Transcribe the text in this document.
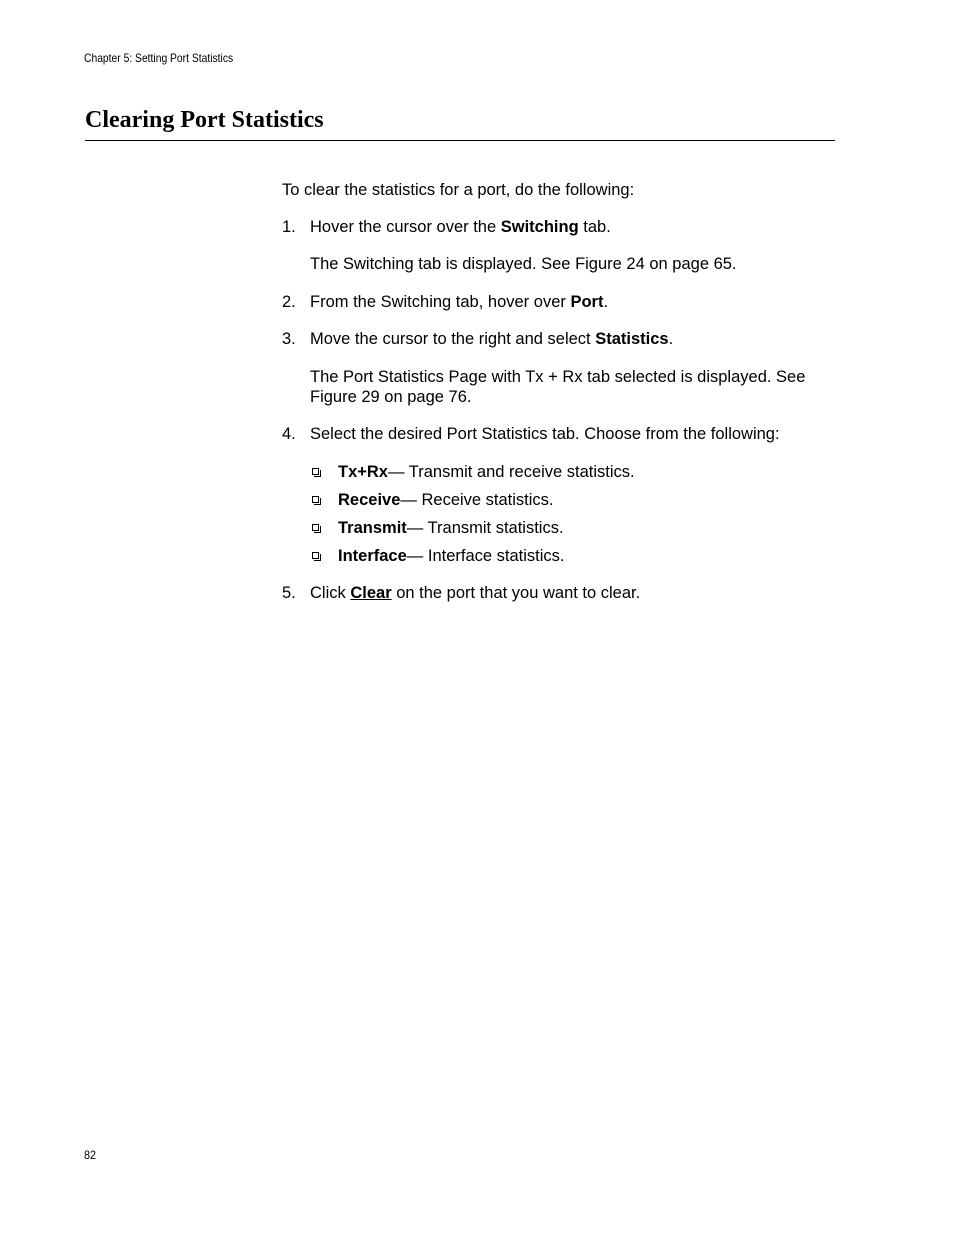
Chapter 5: Setting Port Statistics
Clearing Port Statistics
To clear the statistics for a port, do the following:
1. Hover the cursor over the Switching tab.
The Switching tab is displayed. See Figure 24 on page 65.
2. From the Switching tab, hover over Port.
3. Move the cursor to the right and select Statistics.
The Port Statistics Page with Tx + Rx tab selected is displayed. See Figure 29 on page 76.
4. Select the desired Port Statistics tab. Choose from the following:
Tx+Rx— Transmit and receive statistics.
Receive— Receive statistics.
Transmit— Transmit statistics.
Interface— Interface statistics.
5. Click Clear on the port that you want to clear.
82
